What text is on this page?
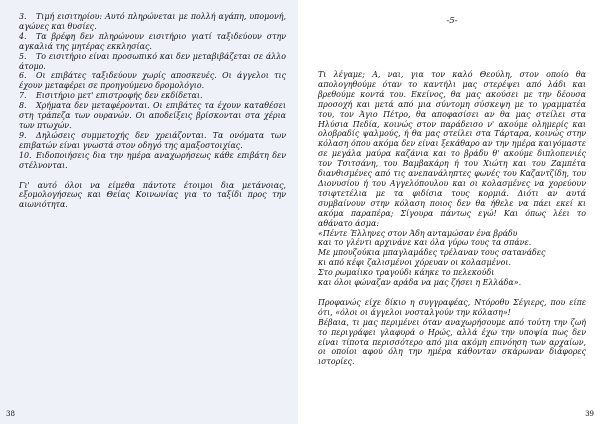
3. Τιμή εισιτηρίου: Αυτό πληρώνεται με πολλή αγάπη, υπομονή, αγώνες και θυσίες.

4. Τα βρέφη δεν πληρώνουν εισιτήριο γιατί ταξιδεύουν στην αγκαλιά της μητέρας εκκλησίας.

5. Το εισιτήριο είναι προσωπικό και δεν μεταβιβάζεται σε άλλο άτομο.

6. Οι επιβάτες ταξιδεύουν χωρίς αποσκευές. Οι άγγελοι τις έχουν μεταφέρει σε προηγούμενο δρομολόγιο.

7. Εισιτήριο μετ' επιστροφής δεν εκδίδεται.

8. Χρήματα δεν μεταφέρονται. Οι επιβάτες τα έχουν καταθέσει στη τράπεζα των ουρανών. Οι αποδείξεις βρίσκονται στα χέρια των πτωχών.

9. Δηλώσεις συμμετοχής δεν χρειάζονται. Τα ονόματα των επιβατών είναι γνωστά στον οδηγό της αμαξοστοιχίας.

10. Ειδοποιήσεις δια την ημέρα αναχωρήσεως κάθε επιβάτη δεν στέλνονται.

Γι' αυτό όλοι να είμεθα πάντοτε έτοιμοι δια μετάνοιας, εξομολογήσεως και Θείας Κοινωνίας για το ταξίδι προς την αιωνιότητα.

38
-5-

Τι λέγαμε; Α, ναι, για τον καλό Θεούλη, στον οποίο θα απολογηθούμε όταν το καντήλι μας στερέψει από λάδι και βρεθούμε κοντά του. Εκείνος, θα μας ακούσει με την δέουσα προσοχή και μετά από μια σύντομη σύσκεψη με το γραμματέα του, τον Άγιο Πέτρο, θα αποφασίσει αν θα μας στείλει στα Ηλύσια Πεδία, κοινώς στον παράδεισο ν' ακούμε ολημερίς και ολοβραδίς ψαλμούς, ή θα μας στείλει στα Τάρταρα, κοινώς στην κόλαση όπου ακόμα δεν είναι ξεκάθαρο αν την ημέρα καιγόμαστε σε μεγάλα μαύρα καζάνια και το βράδυ θ' ακούμε διπλοπενιές τον Τσιτσάνη, του Βαμβακάρη ή του Χιώτη και του Ζαμπέτα διανθισμένες από τις ανεπανάληπτες φωνές του Καζαντζίδη, του Διονυσίου ή του Αγγελόπουλου και οι κολασμένες να χορεύουν τσιφτετέλια με τα φιδίσια τους κορμιά. Διότι αν αυτά συμβαίνουν στην κόλαση ποιος δεν θα ήθελε να πάει εκεί κι ακόμα παραπέρα; Σίγουρα πάντως εγώ! Και όπως λέει το αθάνατο άσμα:

«Πέντε Έλληνες στον Άδη ανταμώσαν ένα βράδυ

και το γλέντι αρχινάνε και όλα γύρω τους τα σπάνε.

Με μπουζούκια μπαγλαμάδες τρέλαναν τους σατανάδες

κι από κέφι ζαλισμένοι χόρευαν οι κολασμένοι.

Στο ρωμαίικο τραγούδι κάηκε το πελεκούδι

και όλοι φώναζαν αράδα να μας ζήσει η Ελλάδα».

Προφανώς είχε δίκιο η συγγραφέας, Ντόροθυ Σέγιερς, που είπε ότι, «όλοι οι άγγελοι νοσταλγούν την κόλαση»!

Βέβαια, τι μας περιμένει όταν αναχωρήσουμε από τούτη την ζωή το περιγράφει γλαφυρά ο Ηρώς, αλλά έχω την υποψία πως δεν είναι τίποτα περισσότερο από μια ακόμη επινόηση των αρχαίων, οι οποίοι αφού όλη την ημέρα κάθονταν σκάρωναν διάφορες ιστορίες.

39
